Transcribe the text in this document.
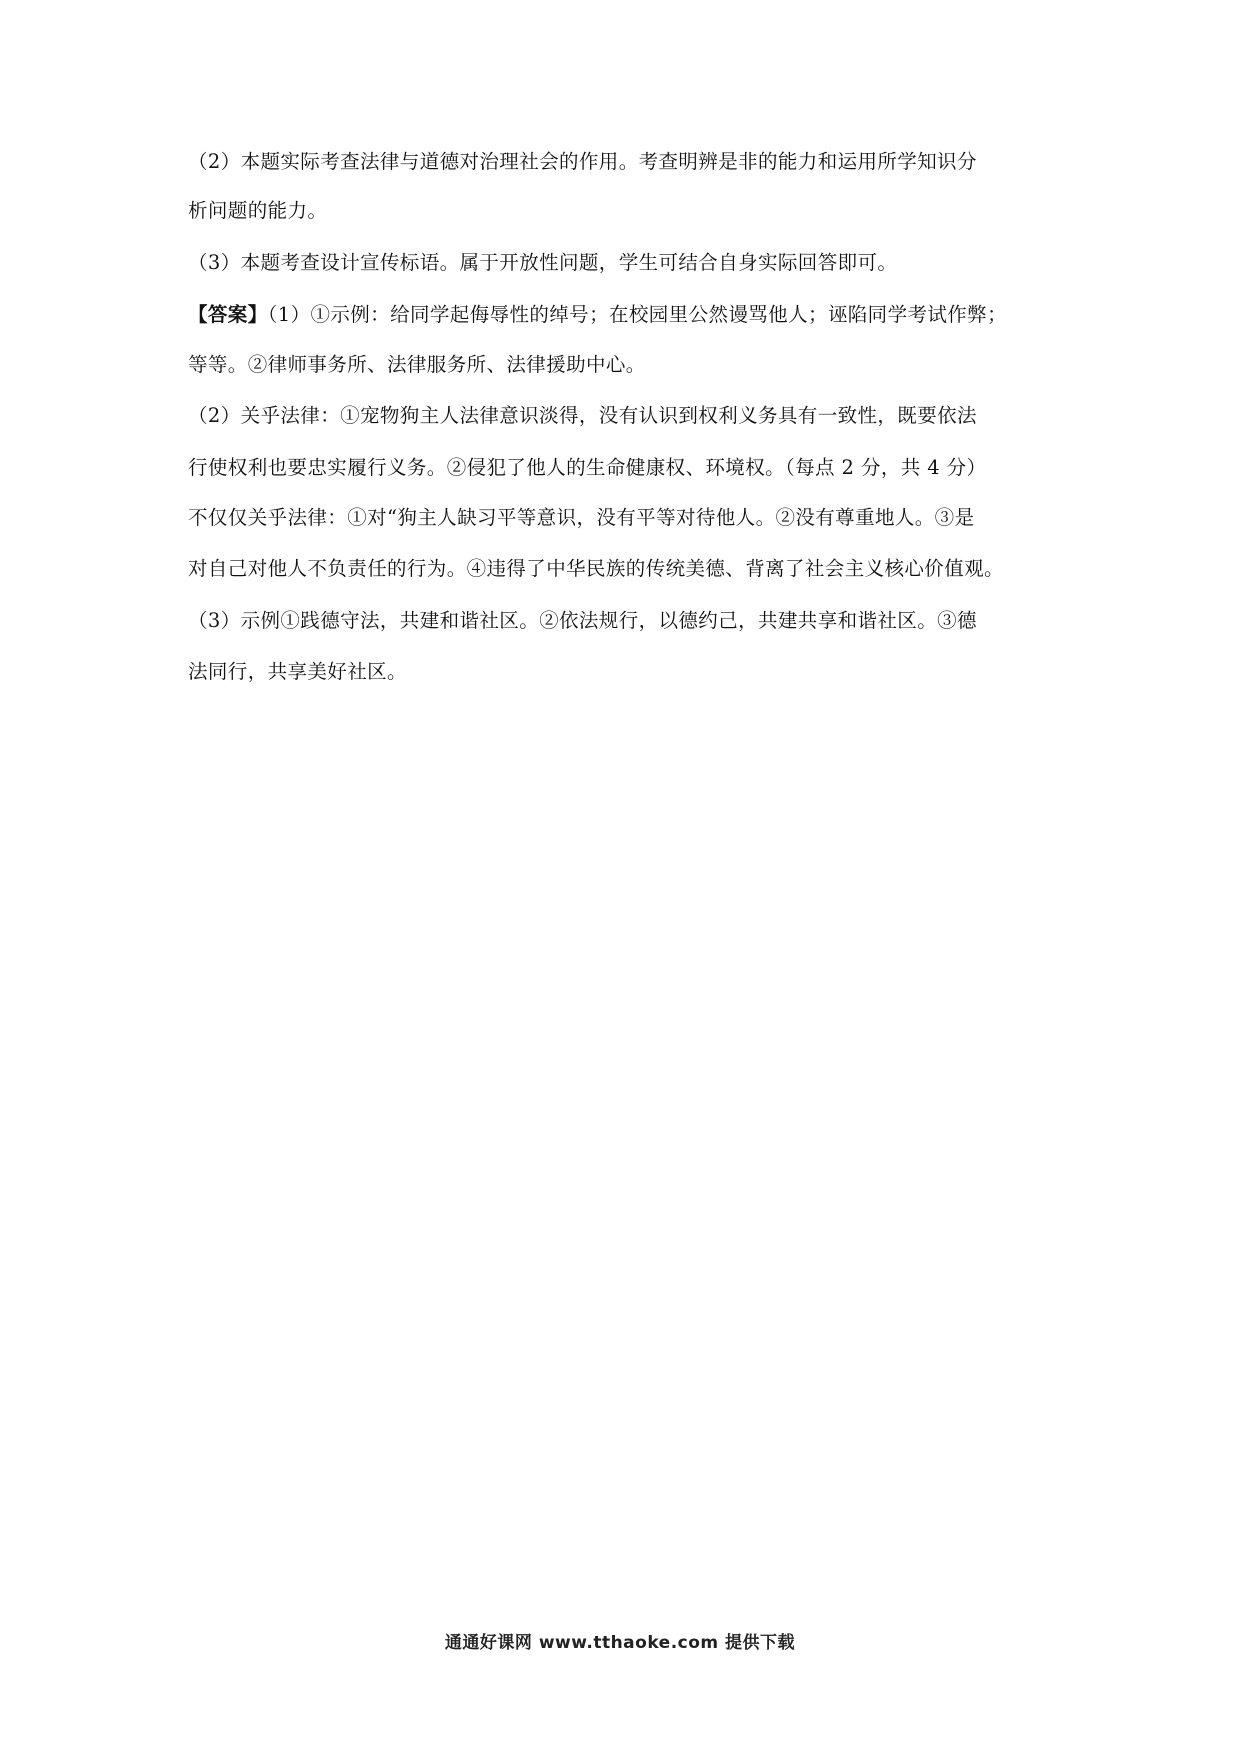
（2）本题实际考查法律与道德对治理社会的作用。考查明辨是非的能力和运用所学知识分

析问题的能力。

（3）本题考查设计宣传标语。属于开放性问题，学生可结合自身实际回答即可。

【答案】（1）①示例：给同学起侮辱性的绰号；在校园里公然谩骂他人；诬陷同学考试作弊；

等等。②律师事务所、法律服务所、法律援助中心。

（2）关乎法律：①宠物狗主人法律意识淡得，没有认识到权利义务具有一致性，既要依法

行使权利也要忠实履行义务。②侵犯了他人的生命健康权、环境权。（每点 2 分，共 4 分）

不仅仅关乎法律：①对“狗主人缺习平等意识，没有平等对待他人。②没有尊重地人。③是

对自己对他人不负责任的行为。④违得了中华民族的传统美德、背离了社会主义核心价值观。

（3）示例①践德守法，共建和谐社区。②依法规行，以德约己，共建共享和谐社区。③德

法同行，共享美好社区。

通通好课网 www.tthaoke.com 提供下载
